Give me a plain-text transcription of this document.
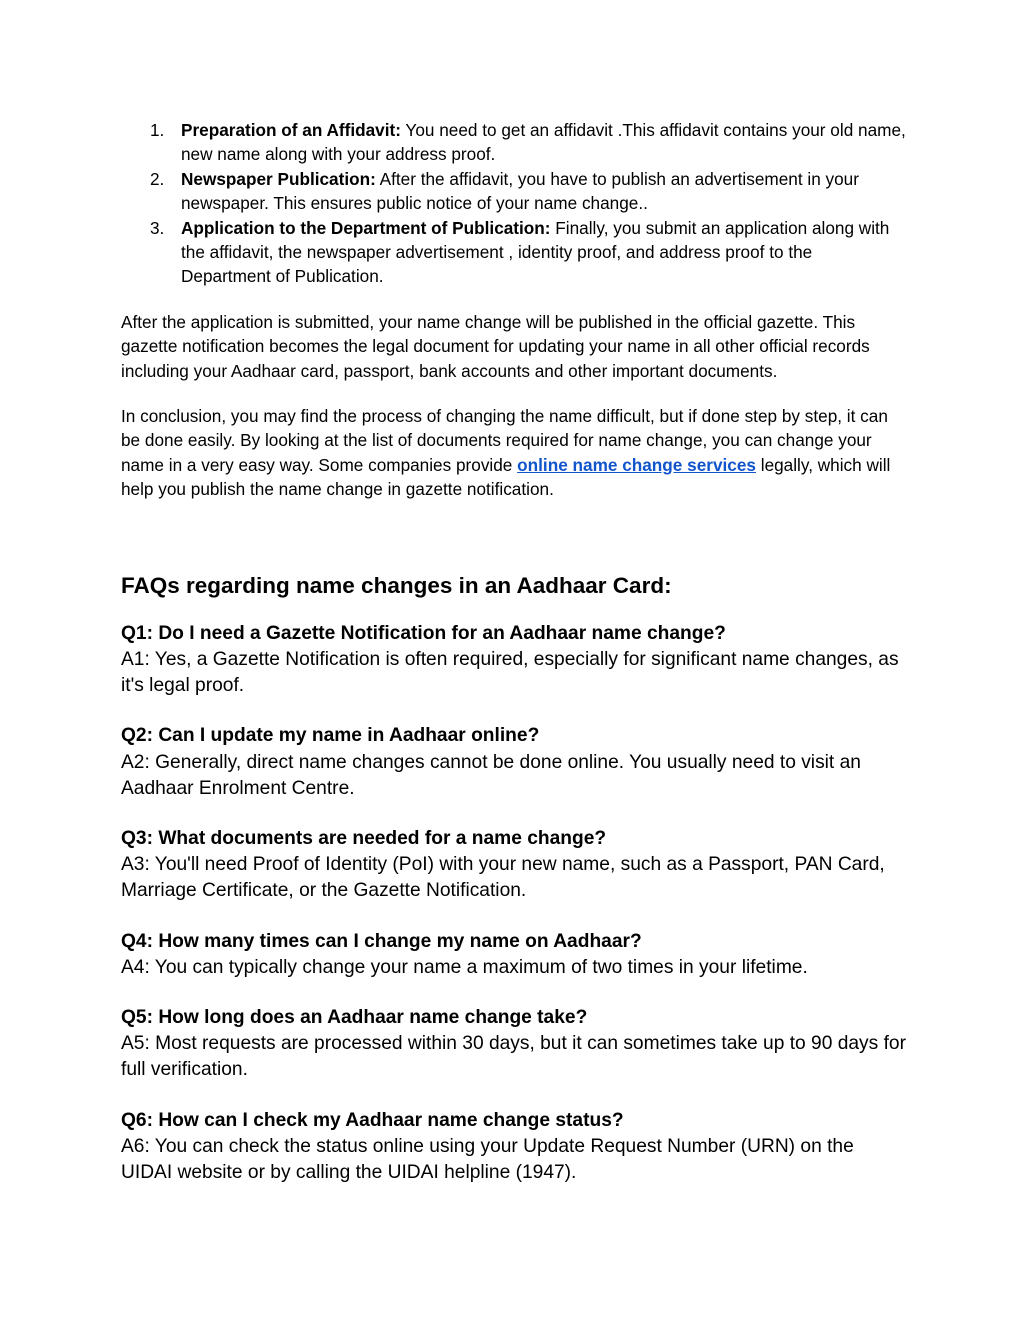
1. Preparation of an Affidavit: You need to get an affidavit .This affidavit contains your old name, new name along with your address proof.
2. Newspaper Publication: After the affidavit, you have to publish an advertisement in your newspaper. This ensures public notice of your name change..
3. Application to the Department of Publication: Finally, you submit an application along with the affidavit, the newspaper advertisement , identity proof, and address proof to the Department of Publication.

After the application is submitted, your name change will be published in the official gazette. This gazette notification becomes the legal document for updating your name in all other official records including your Aadhaar card, passport, bank accounts and other important documents.

In conclusion, you may find the process of changing the name difficult, but if done step by step, it can be done easily. By looking at the list of documents required for name change, you can change your name in a very easy way. Some companies provide online name change services legally, which will help you publish the name change in gazette notification.

FAQs regarding name changes in an Aadhaar Card:
Q1: Do I need a Gazette Notification for an Aadhaar name change?
A1: Yes, a Gazette Notification is often required, especially for significant name changes, as it's legal proof.
Q2: Can I update my name in Aadhaar online?
A2: Generally, direct name changes cannot be done online. You usually need to visit an Aadhaar Enrolment Centre.
Q3: What documents are needed for a name change?
A3: You'll need Proof of Identity (PoI) with your new name, such as a Passport, PAN Card, Marriage Certificate, or the Gazette Notification.
Q4: How many times can I change my name on Aadhaar?
A4: You can typically change your name a maximum of two times in your lifetime.
Q5: How long does an Aadhaar name change take?
A5: Most requests are processed within 30 days, but it can sometimes take up to 90 days for full verification.
Q6: How can I check my Aadhaar name change status?
A6: You can check the status online using your Update Request Number (URN) on the UIDAI website or by calling the UIDAI helpline (1947).
